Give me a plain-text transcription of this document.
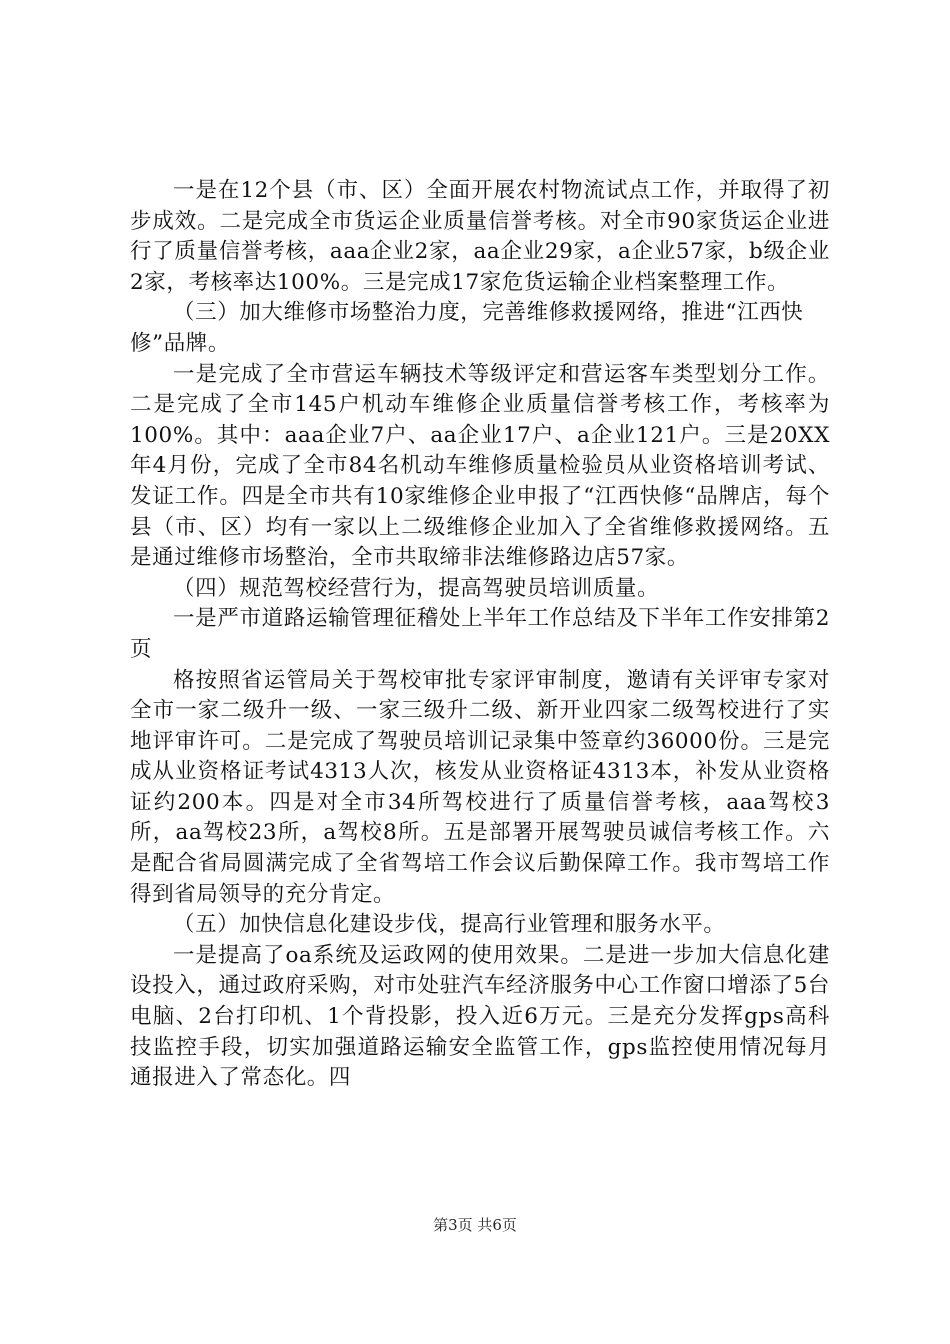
一是在12个县（市、区）全面开展农村物流试点工作，并取得了初步成效。二是完成全市货运企业质量信誉考核。对全市90家货运企业进行了质量信誉考核，aaa企业2家，aa企业29家，a企业57家，b级企业2家，考核率达100%。三是完成17家危货运输企业档案整理工作。

（三）加大维修市场整治力度，完善维修救援网络，推进“江西快修”品牌。

一是完成了全市营运车辆技术等级评定和营运客车类型划分工作。二是完成了全市145户机动车维修企业质量信誉考核工作，考核率为100%。其中：aaa企业7户、aa企业17户、a企业121户。三是20XX年4月份，完成了全市84名机动车维修质量检验员从业资格培训考试、发证工作。四是全市共有10家维修企业申报了“江西快修“品牌店，每个县（市、区）均有一家以上二级维修企业加入了全省维修救援网络。五是通过维修市场整治，全市共取缔非法维修路边店57家。

（四）规范驾校经营行为，提高驾驶员培训质量。

一是严市道路运输管理征稽处上半年工作总结及下半年工作安排第2页

格按照省运管局关于驾校审批专家评审制度，邀请有关评审专家对全市一家二级升一级、一家三级升二级、新开业四家二级驾校进行了实地评审许可。二是完成了驾驶员培训记录集中签章约36000份。三是完成从业资格证考试4313人次，核发从业资格证4313本，补发从业资格证约200本。四是对全市34所驾校进行了质量信誉考核，aaa驾校3所，aa驾校23所，a驾校8所。五是部署开展驾驶员诚信考核工作。六是配合省局圆满完成了全省驾培工作会议后勤保障工作。我市驾培工作得到省局领导的充分肯定。

（五）加快信息化建设步伐，提高行业管理和服务水平。

一是提高了oa系统及运政网的使用效果。二是进一步加大信息化建设投入，通过政府采购，对市处驻汽车经济服务中心工作窗口增添了5台电脑、2台打印机、1个背投影，投入近6万元。三是充分发挥gps高科技监控手段，切实加强道路运输安全监管工作，gps监控使用情况每月通报进入了常态化。四

第3页 共6页
